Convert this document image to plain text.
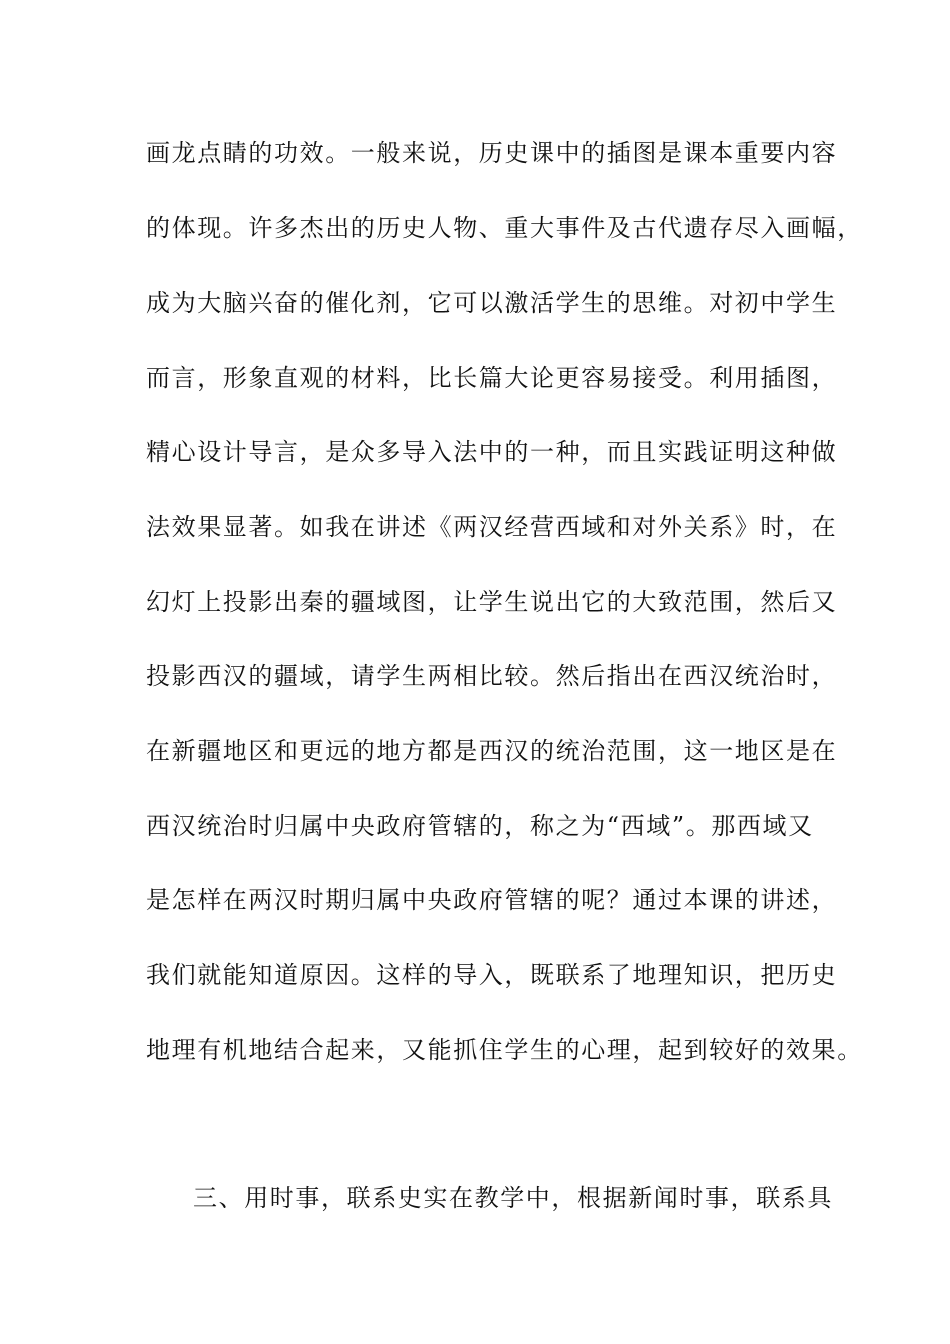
画龙点睛的功效。一般来说，历史课中的插图是课本重要内容
的体现。许多杰出的历史人物、重大事件及古代遗存尽入画幅，
成为大脑兴奋的催化剂，它可以激活学生的思维。对初中学生
而言，形象直观的材料，比长篇大论更容易接受。利用插图，
精心设计导言，是众多导入法中的一种，而且实践证明这种做
法效果显著。如我在讲述《两汉经营西域和对外关系》时，在
幻灯上投影出秦的疆域图，让学生说出它的大致范围，然后又
投影西汉的疆域，请学生两相比较。然后指出在西汉统治时，
在新疆地区和更远的地方都是西汉的统治范围，这一地区是在
西汉统治时归属中央政府管辖的，称之为“西域”。那西域又
是怎样在两汉时期归属中央政府管辖的呢？通过本课的讲述，
我们就能知道原因。这样的导入，既联系了地理知识，把历史
地理有机地结合起来，又能抓住学生的心理，起到较好的效果。
三、用时事，联系史实在教学中，根据新闻时事，联系具
